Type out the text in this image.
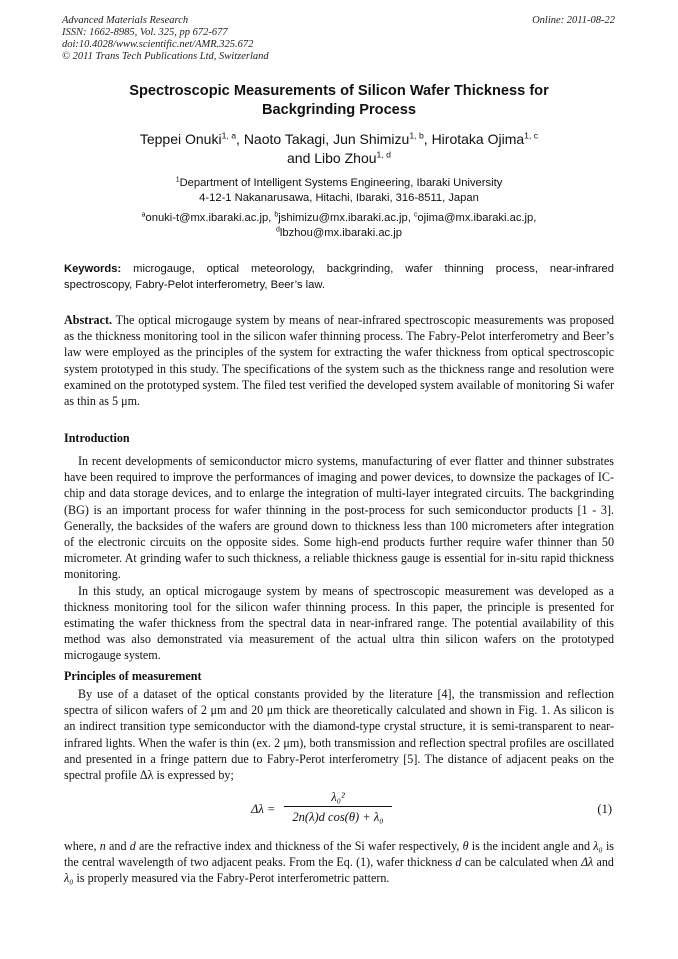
Advanced Materials Research
ISSN: 1662-8985, Vol. 325, pp 672-677
doi:10.4028/www.scientific.net/AMR.325.672
© 2011 Trans Tech Publications Ltd, Switzerland
Online: 2011-08-22
Spectroscopic Measurements of Silicon Wafer Thickness for
Backgrinding Process
Teppei Onuki$^{1, a}$, Naoto Takagi, Jun Shimizu$^{1, b}$, Hirotaka Ojima$^{1, c}$
and Libo Zhou$^{1, d}$
$^1$Department of Intelligent Systems Engineering, Ibaraki University
4-12-1 Nakanarusawa, Hitachi, Ibaraki, 316-8511, Japan
$^a$onuki-t@mx.ibaraki.ac.jp, $^b$jshimizu@mx.ibaraki.ac.jp, $^c$ojima@mx.ibaraki.ac.jp,
$^d$lbzhou@mx.ibaraki.ac.jp
Keywords: microgauge, optical meteorology, backgrinding, wafer thinning process, near-infrared spectroscopy, Fabry-Pelot interferometry, Beer’s law.
Abstract. The optical microgauge system by means of near-infrared spectroscopic measurements was proposed as the thickness monitoring tool in the silicon wafer thinning process. The Fabry-Pelot interferometry and Beer’s law were employed as the principles of the system for extracting the wafer thickness from optical spectroscopic system prototyped in this study. The specifications of the system such as the thickness range and resolution were examined on the prototyped system. The filed test verified the developed system available of monitoring Si wafer as thin as 5 μm.
Introduction

In recent developments of semiconductor micro systems, manufacturing of ever flatter and thinner substrates have been required to improve the performances of imaging and power devices, to downsize the packages of IC-chip and data storage devices, and to enlarge the integration of multi-layer integrated circuits. The backgrinding (BG) is an important process for wafer thinning in the post-process for such semiconductor products [1 - 3]. Generally, the backsides of the wafers are ground down to thickness less than 100 micrometers after integration of the electronic circuits on the opposite sides. Some high-end products further require wafer thinner than 50 micrometer. At grinding wafer to such thickness, a reliable thickness gauge is essential for in-situ rapid thickness monitoring.

In this study, an optical microgauge system by means of spectroscopic measurement was developed as a thickness monitoring tool for the silicon wafer thinning process. In this paper, the principle is presented for estimating the wafer thickness from the spectral data in near-infrared range. The potential availability of this method was also demonstrated via measurement of the actual ultra thin silicon wafers on the prototyped microgauge system.

Principles of measurement

By use of a dataset of the optical constants provided by the literature [4], the transmission and reflection spectra of silicon wafers of 2 μm and 20 μm thick are theoretically calculated and shown in Fig. 1. As silicon is an indirect transition type semiconductor with the diamond-type crystal structure, it is semi-transparent to near-infrared lights. When the wafer is thin (ex. 2 μm), both transmission and reflection spectral profiles are oscillated and presented in a fringe pattern due to Fabry-Perot interferometry [5]. The distance of adjacent peaks on the spectral profile Δλ is expressed by;

Δλ =
λ₀²
2n(λ)d cos(θ) + λ₀
(1)

where, n and d are the refractive index and thickness of the Si wafer respectively, θ is the incident angle and λ₀ is the central wavelength of two adjacent peaks. From the Eq. (1), wafer thickness d can be calculated when Δλ and λ₀ is properly measured via the Fabry-Perot interferometric pattern.
